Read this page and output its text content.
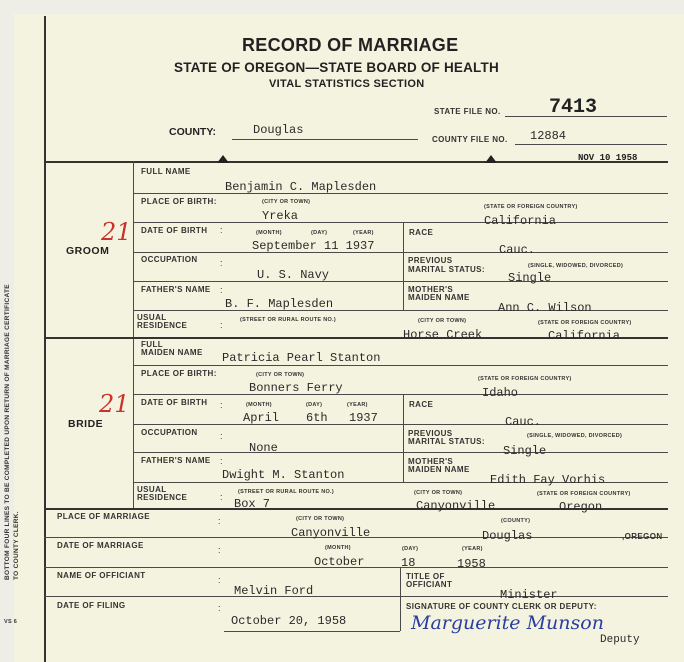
BOTTOM FOUR LINES TO BE COMPLETED UPON RETURN OF MARRIAGE CERTIFICATE TO COUNTY CLERK.
VS 6
RECORD OF MARRIAGE
STATE OF OREGON—STATE BOARD OF HEALTH
VITAL STATISTICS SECTION
STATE FILE NO. 7413
COUNTY:	Douglas
COUNTY FILE NO. 12884
NOV 10 1958
GROOM
21
FULL NAME
Benjamin C. Maplesden
PLACE OF BIRTH:	(CITY OR TOWN)
(STATE OR FOREIGN COUNTRY)
Yreka	California
DATE OF BIRTH :	(MONTH)	(DAY)	(YEAR)
September 11 1937
RACE
Cauc.
OCCUPATION :
U. S. Navy
PREVIOUS
MARITAL STATUS:	(SINGLE, WIDOWED, DIVORCED)
Single
FATHER'S NAME :
B. F. Maplesden
MOTHER'S
MAIDEN NAME
Ann C. Wilson
USUAL
RESIDENCE	:	(STREET OR RURAL ROUTE NO.)	(CITY OR TOWN)	(STATE OR FOREIGN COUNTRY)
Horse Creek	California
BRIDE
21
FULL
MAIDEN NAME Patricia Pearl Stanton
PLACE OF BIRTH:	(CITY OR TOWN)
(STATE OR FOREIGN COUNTRY)
Bonners Ferry	Idaho
DATE OF BIRTH :	(MONTH)	(DAY)	(YEAR)
April 6th 1937
RACE
Cauc.
OCCUPATION :
None
PREVIOUS
MARITAL STATUS:
(SINGLE, WIDOWED, DIVORCED)
Single
FATHER'S NAME :
Dwight M. Stanton
MOTHER'S
MAIDEN NAME
Edith Fay Vorhis
USUAL
RESIDENCE	:	(STREET OR RURAL ROUTE NO.)	(CITY OR TOWN)	(STATE OR FOREIGN COUNTRY)
Box 7	Canyonville	Oregon
PLACE OF MARRIAGE	:	(CITY OR TOWN)	(COUNTY)
Canyonville	Douglas	,OREGON
DATE OF MARRIAGE	:	(MONTH)	(DAY)	(YEAR)
October	18	1958
NAME OF OFFICIANT	:
Melvin Ford
TITLE OF
OFFICIANT
Minister
DATE OF FILING	:
October 20, 1958
SIGNATURE OF COUNTY CLERK OR DEPUTY:
Marguerite Munson
Deputy
